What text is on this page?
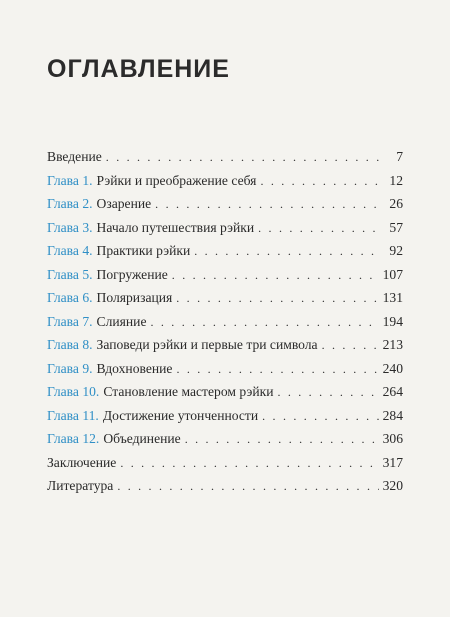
ОГЛАВЛЕНИЕ
Введение . . .	7
Глава 1. Рэйки и преображение себя . . .	12
Глава 2. Озарение . . .	26
Глава 3. Начало путешествия рэйки . . .	57
Глава 4. Практики рэйки . . .	92
Глава 5. Погружение . . .	107
Глава 6. Поляризация . . .	131
Глава 7. Слияние . . .	194
Глава 8. Заповеди рэйки и первые три символа . . .	213
Глава 9. Вдохновение . . .	240
Глава 10. Становление мастером рэйки . . .	264
Глава 11. Достижение утонченности . . .	284
Глава 12. Объединение . . .	306
Заключение . . .	317
Литература . . .	320
